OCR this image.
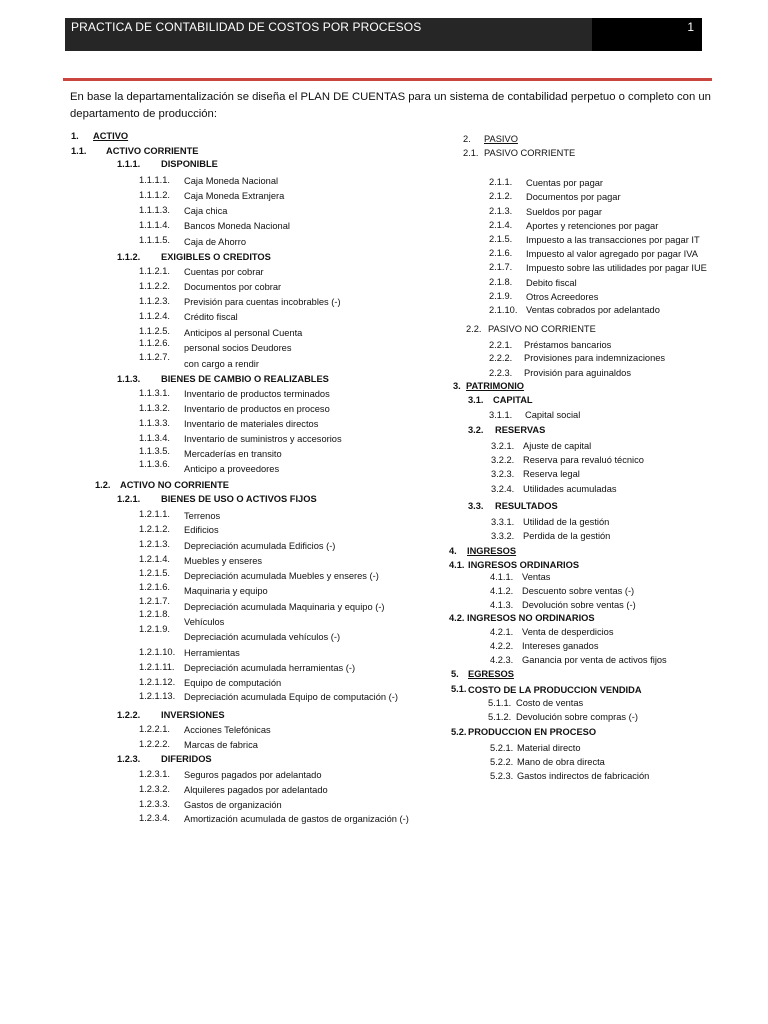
PRACTICA DE CONTABILIDAD DE COSTOS POR PROCESOS	1
En base la departamentalización se diseña el PLAN DE CUENTAS para un sistema de contabilidad perpetuo o completo con un departamento de producción:
1. ACTIVO
1.1. ACTIVO CORRIENTE
1.1.1. DISPONIBLE
1.1.1.1. Caja Moneda Nacional
1.1.1.2. Caja Moneda Extranjera
1.1.1.3. Caja chica
1.1.1.4. Bancos Moneda Nacional
1.1.1.5. Caja de Ahorro
1.1.2. EXIGIBLES O CREDITOS
1.1.2.1. Cuentas por cobrar
1.1.2.2. Documentos por cobrar
1.1.2.3. Previsión para cuentas incobrables (-)
1.1.2.4. Crédito fiscal
1.1.2.5. Anticipos al personal Cuenta
1.1.2.6. personal socios Deudores
1.1.2.7.
con cargo a rendir
1.1.3. BIENES DE CAMBIO O REALIZABLES
1.1.3.1. Inventario de productos terminados
1.1.3.2. Inventario de productos en proceso
1.1.3.3. Inventario de materiales directos
1.1.3.4. Inventario de suministros y accesorios
1.1.3.5. Mercaderías en transito
1.1.3.6. Anticipo a proveedores
1.2. ACTIVO NO CORRIENTE
1.2.1. BIENES DE USO O ACTIVOS FIJOS
1.2.1.1. Terrenos
1.2.1.2. Edificios
1.2.1.3. Depreciación acumulada Edificios (-)
1.2.1.4. Muebles y enseres
1.2.1.5. Depreciación acumulada Muebles y enseres (-)
1.2.1.6. Maquinaria y equipo
1.2.1.7.
Depreciación acumulada Maquinaria y equipo (-)
1.2.1.8.
Vehículos
1.2.1.9.
Depreciación acumulada vehículos (-)
1.2.1.10. Herramientas
1.2.1.11. Depreciación acumulada herramientas (-)
1.2.1.12. Equipo de computación
1.2.1.13. Depreciación acumulada Equipo de computación (-)
1.2.2. INVERSIONES
1.2.2.1. Acciones Telefónicas
1.2.2.2. Marcas de fabrica
1.2.3. DIFERIDOS
1.2.3.1. Seguros pagados por adelantado
1.2.3.2. Alquileres pagados por adelantado
1.2.3.3. Gastos de organización
1.2.3.4. Amortización acumulada de gastos de organización (-)
2. PASIVO
2.1. PASIVO CORRIENTE
2.1.1. Cuentas por pagar
2.1.2. Documentos por pagar
2.1.3. Sueldos por pagar
2.1.4. Aportes y retenciones por pagar
2.1.5. Impuesto a las transacciones por pagar IT
2.1.6. Impuesto al valor agregado por pagar IVA
2.1.7. Impuesto sobre las utilidades por pagar IUE
2.1.8. Debito fiscal
2.1.9. Otros Acreedores
2.1.10. Ventas cobrados por adelantado
2.2. PASIVO NO CORRIENTE
2.2.1. Préstamos bancarios
2.2.2. Provisiones para indemnizaciones
2.2.3. Provisión para aguinaldos
3. PATRIMONIO
3.1. CAPITAL
3.1.1. Capital social
3.2. RESERVAS
3.2.1. Ajuste de capital
3.2.2. Reserva para revaluó técnico
3.2.3. Reserva legal
3.2.4. Utilidades acumuladas
3.3. RESULTADOS
3.3.1. Utilidad de la gestión
3.3.2. Perdida de la gestión
4. INGRESOS
4.1. INGRESOS ORDINARIOS
4.1.1. Ventas
4.1.2. Descuento sobre ventas (-)
4.1.3. Devolución sobre ventas (-)
4.2. INGRESOS NO ORDINARIOS
4.2.1. Venta de desperdicios
4.2.2. Intereses ganados
4.2.3. Ganancia por venta de activos fijos
5. EGRESOS
5.1. COSTO DE LA PRODUCCION VENDIDA
5.1.1. Costo de ventas
5.1.2. Devolución sobre compras (-)
5.2. PRODUCCION EN PROCESO
5.2.1. Material directo
5.2.2. Mano de obra directa
5.2.3. Gastos indirectos de fabricación
